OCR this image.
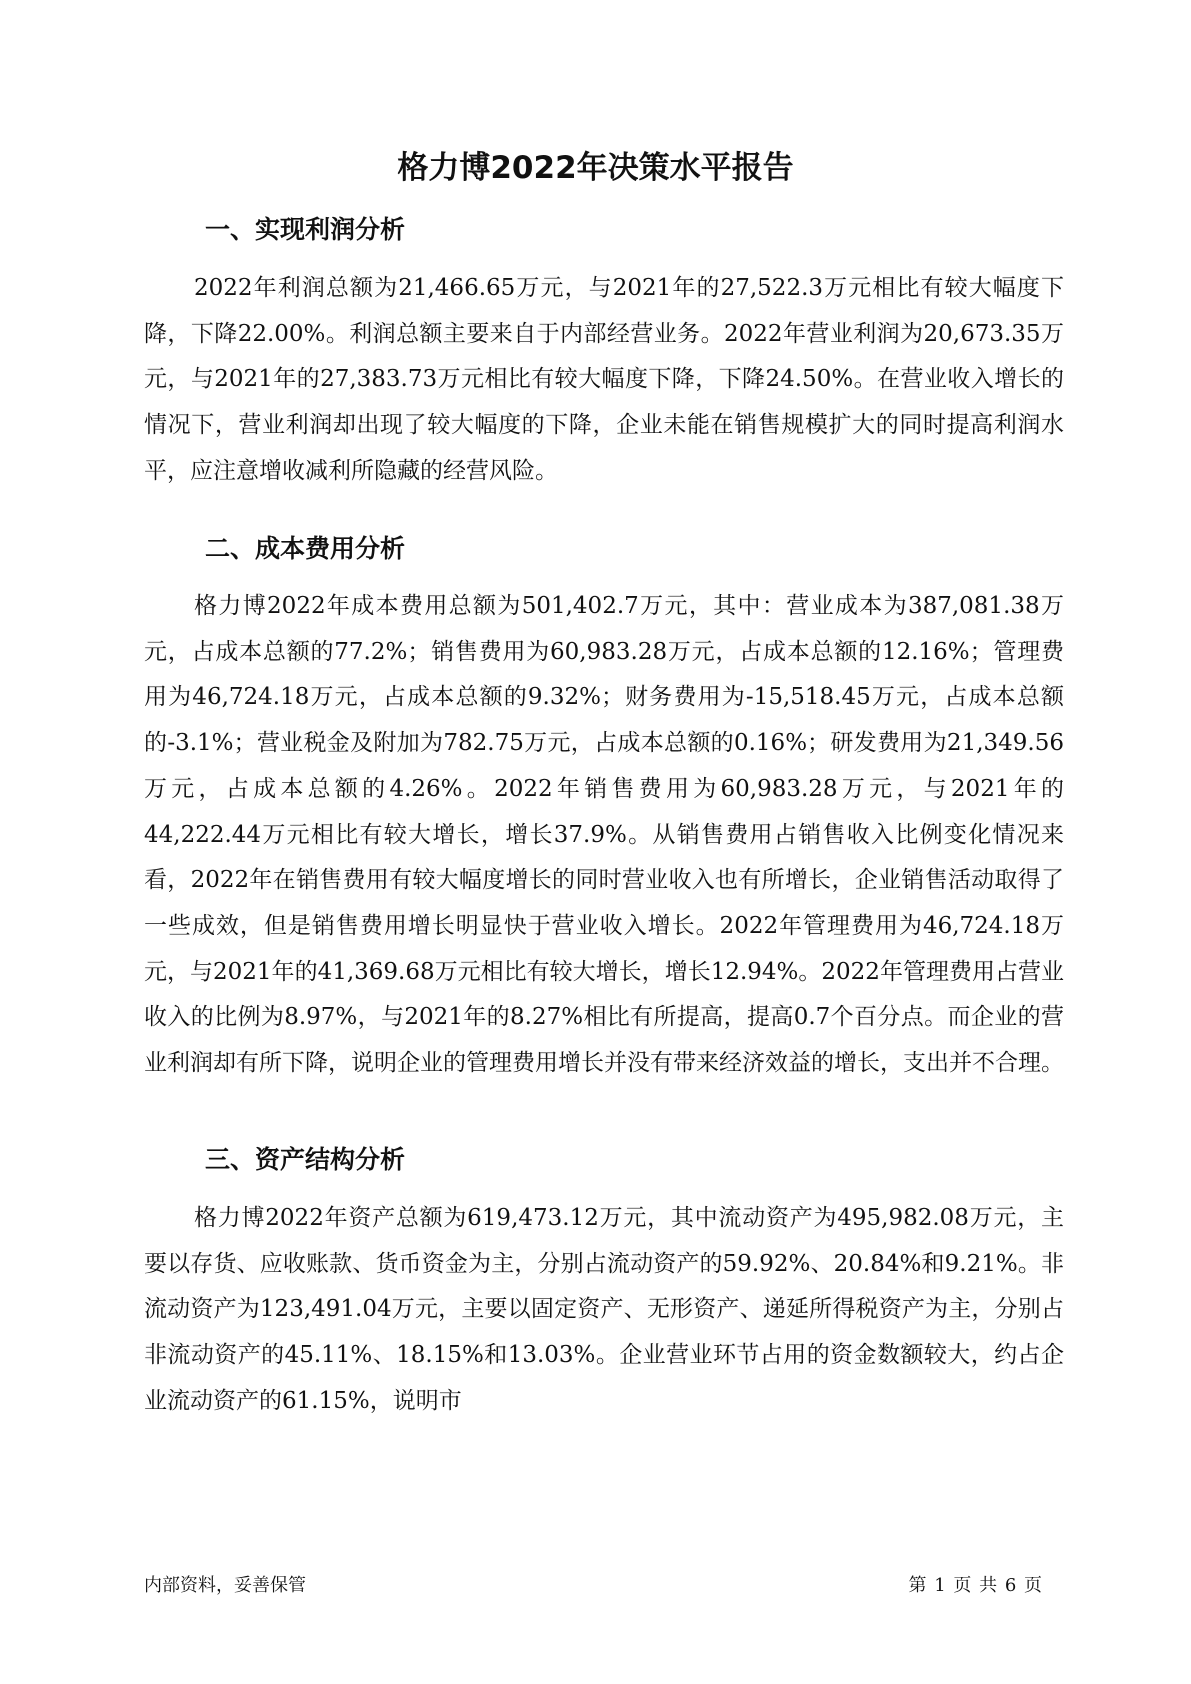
格力博2022年决策水平报告
一、实现利润分析

2022年利润总额为21,466.65万元，与2021年的27,522.3万元相比有较大幅度下降，下降22.00%。利润总额主要来自于内部经营业务。2022年营业利润为20,673.35万元，与2021年的27,383.73万元相比有较大幅度下降，下降24.50%。在营业收入增长的情况下，营业利润却出现了较大幅度的下降，企业未能在销售规模扩大的同时提高利润水平，应注意增收减利所隐藏的经营风险。

二、成本费用分析

格力博2022年成本费用总额为501,402.7万元，其中：营业成本为387,081.38万元，占成本总额的77.2%；销售费用为60,983.28万元，占成本总额的12.16%；管理费用为46,724.18万元，占成本总额的9.32%；财务费用为-15,518.45万元，占成本总额的-3.1%；营业税金及附加为782.75万元，占成本总额的0.16%；研发费用为21,349.56万元，占成本总额的4.26%。2022年销售费用为60,983.28万元，与2021年的44,222.44万元相比有较大增长，增长37.9%。从销售费用占销售收入比例变化情况来看，2022年在销售费用有较大幅度增长的同时营业收入也有所增长，企业销售活动取得了一些成效，但是销售费用增长明显快于营业收入增长。2022年管理费用为46,724.18万元，与2021年的41,369.68万元相比有较大增长，增长12.94%。2022年管理费用占营业收入的比例为8.97%，与2021年的8.27%相比有所提高，提高0.7个百分点。而企业的营业利润却有所下降，说明企业的管理费用增长并没有带来经济效益的增长，支出并不合理。

三、资产结构分析

格力博2022年资产总额为619,473.12万元，其中流动资产为495,982.08万元，主要以存货、应收账款、货币资金为主，分别占流动资产的59.92%、20.84%和9.21%。非流动资产为123,491.04万元，主要以固定资产、无形资产、递延所得税资产为主，分别占非流动资产的45.11%、18.15%和13.03%。企业营业环节占用的资金数额较大，约占企业流动资产的61.15%，说明市

内部资料，妥善保管	第 1 页 共 6 页
